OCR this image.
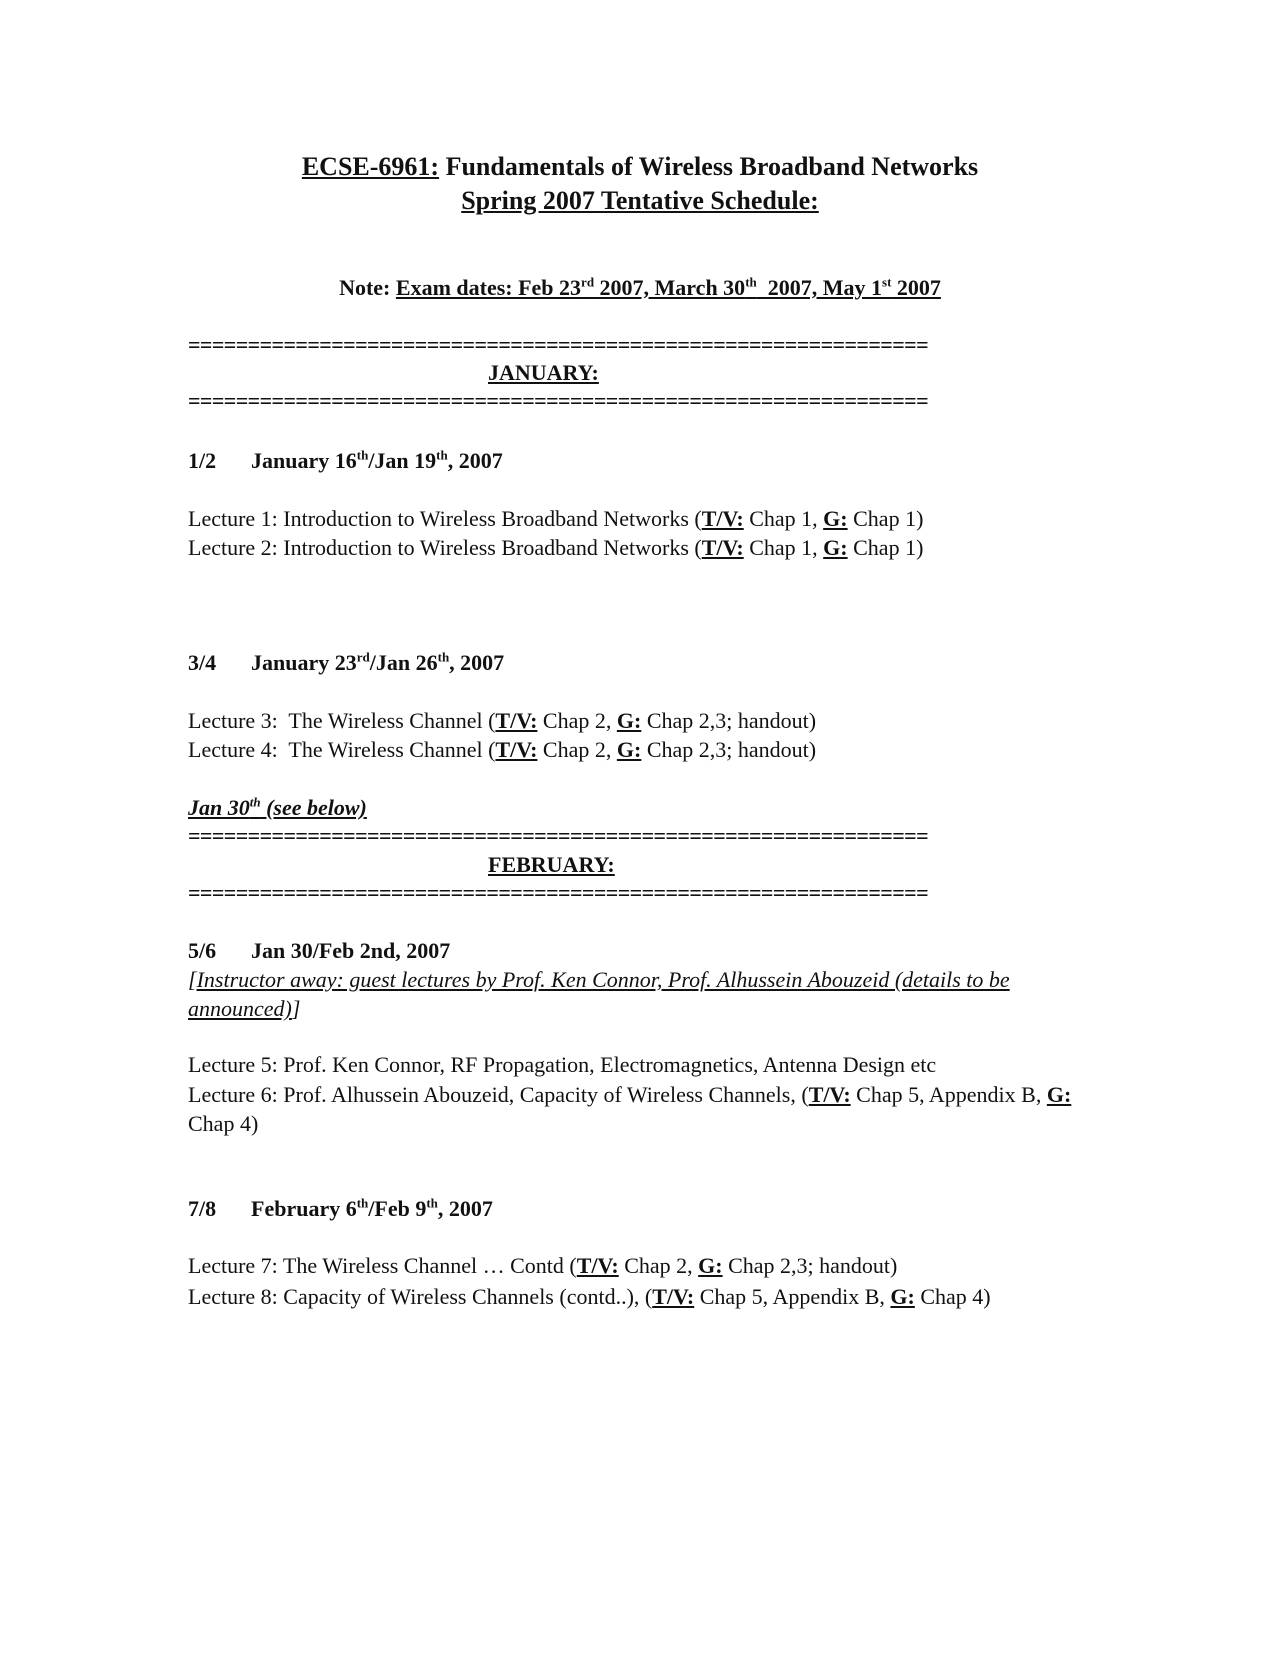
ECSE-6961: Fundamentals of Wireless Broadband Networks
Spring 2007 Tentative Schedule:
Note: Exam dates: Feb 23rd 2007, March 30th  2007, May 1st 2007
==============================================================
JANUARY:
==============================================================
1/2 January 16th/Jan 19th, 2007
Lecture 1: Introduction to Wireless Broadband Networks (T/V: Chap 1, G: Chap 1)
Lecture 2: Introduction to Wireless Broadband Networks (T/V: Chap 1, G: Chap 1)
3/4 January 23rd/Jan 26th, 2007
Lecture 3:  The Wireless Channel (T/V: Chap 2, G: Chap 2,3; handout)
Lecture 4:  The Wireless Channel (T/V: Chap 2, G: Chap 2,3; handout)
Jan 30th (see below)
==============================================================
FEBRUARY:
==============================================================
5/6 Jan 30/Feb 2nd, 2007
[Instructor away: guest lectures by Prof. Ken Connor, Prof. Alhussein Abouzeid (details to be announced)]
Lecture 5: Prof. Ken Connor, RF Propagation, Electromagnetics, Antenna Design etc
Lecture 6: Prof. Alhussein Abouzeid, Capacity of Wireless Channels, (T/V: Chap 5, Appendix B, G: Chap 4)
7/8 February 6th/Feb 9th, 2007
Lecture 7: The Wireless Channel … Contd (T/V: Chap 2, G: Chap 2,3; handout)
Lecture 8: Capacity of Wireless Channels (contd..), (T/V: Chap 5, Appendix B, G: Chap 4)
